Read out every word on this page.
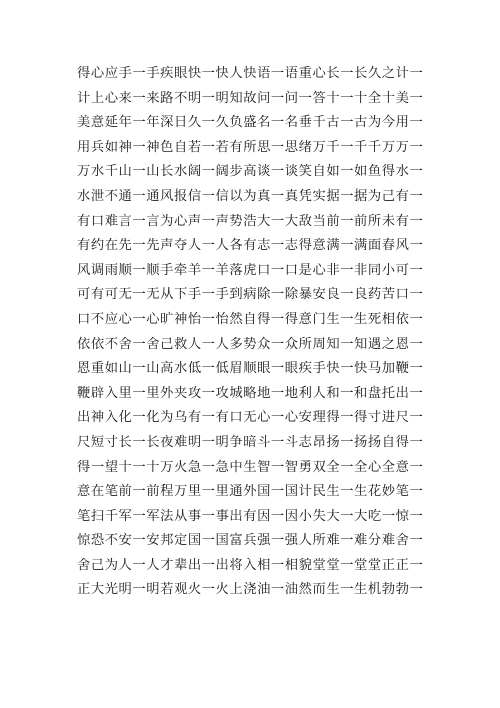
得心应手一手疾眼快一快人快语一语重心长一长久之计一
计上心来一来路不明一明知故问一问一答十一十全十美一
美意延年一年深日久一久负盛名一名垂千古一古为今用一
用兵如神一神色自若一若有所思一思绪万千一千千万万一
万水千山一山长水阔一阔步高谈一谈笑自如一如鱼得水一
水泄不通一通风报信一信以为真一真凭实据一据为己有一
有口难言一言为心声一声势浩大一大敌当前一前所未有一
有约在先一先声夺人一人各有志一志得意满一满面春风一
风调雨顺一顺手牵羊一羊落虎口一口是心非一非同小可一
可有可无一无从下手一手到病除一除暴安良一良药苦口一
口不应心一心旷神怡一怡然自得一得意门生一生死相依一
依依不舍一舍己救人一人多势众一众所周知一知遇之恩一
恩重如山一山高水低一低眉顺眼一眼疾手快一快马加鞭一
鞭辟入里一里外夹攻一攻城略地一地利人和一和盘托出一
出神入化一化为乌有一有口无心一心安理得一得寸进尺一
尺短寸长一长夜难明一明争暗斗一斗志昂扬一扬扬自得一
得一望十一十万火急一急中生智一智勇双全一全心全意一
意在笔前一前程万里一里通外国一国计民生一生花妙笔一
笔扫千军一军法从事一事出有因一因小失大一大吃一惊一
惊恐不安一安邦定国一国富兵强一强人所难一难分难舍一
舍己为人一人才辈出一出将入相一相貌堂堂一堂堂正正一
正大光明一明若观火一火上浇油一油然而生一生机勃勃一
